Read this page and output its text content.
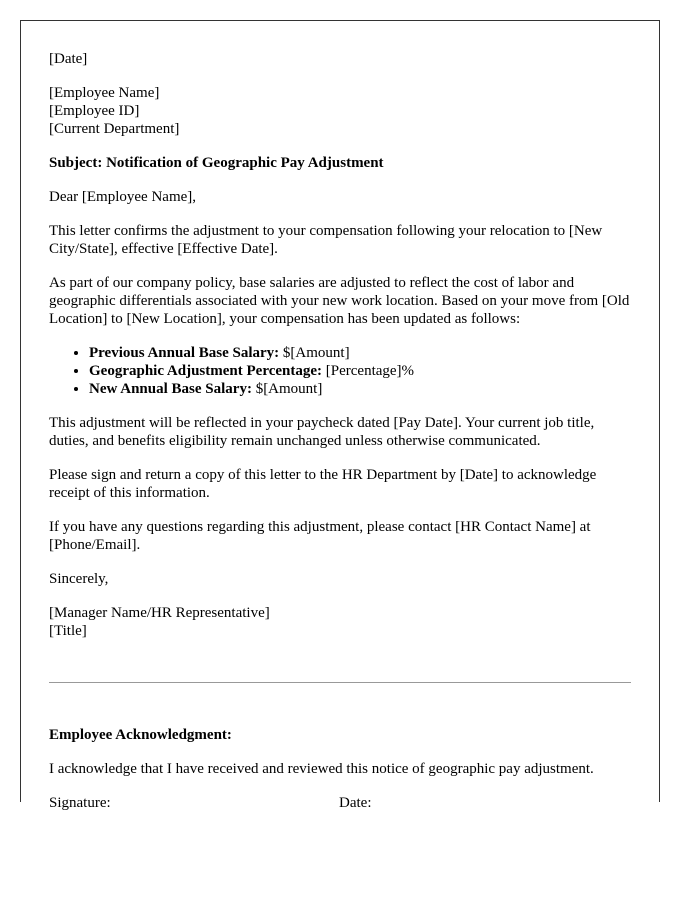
[Date]

[Employee Name]
[Employee ID]
[Current Department]

Subject: Notification of Geographic Pay Adjustment

Dear [Employee Name],

This letter confirms the adjustment to your compensation following your relocation to [New City/State], effective [Effective Date].

As part of our company policy, base salaries are adjusted to reflect the cost of labor and geographic differentials associated with your new work location. Based on your move from [Old Location] to [New Location], your compensation has been updated as follows:

• Previous Annual Base Salary: $[Amount]
• Geographic Adjustment Percentage: [Percentage]%
• New Annual Base Salary: $[Amount]

This adjustment will be reflected in your paycheck dated [Pay Date]. Your current job title, duties, and benefits eligibility remain unchanged unless otherwise communicated.

Please sign and return a copy of this letter to the HR Department by [Date] to acknowledge receipt of this information.

If you have any questions regarding this adjustment, please contact [HR Contact Name] at [Phone/Email].

Sincerely,

[Manager Name/HR Representative]
[Title]

Employee Acknowledgment:

I acknowledge that I have received and reviewed this notice of geographic pay adjustment.

Signature:	Date:
